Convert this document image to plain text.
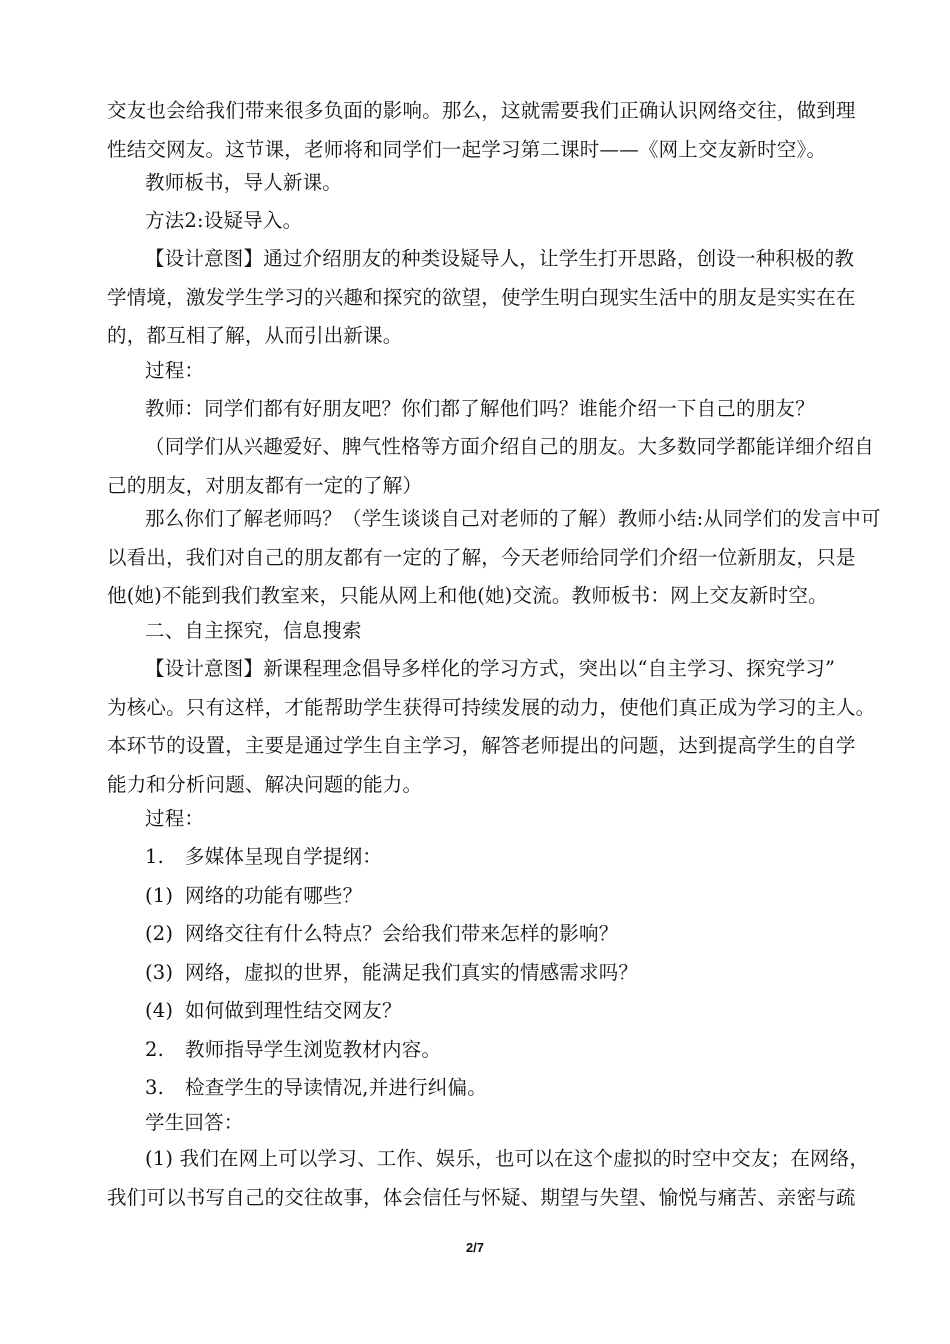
交友也会给我们带来很多负面的影响。那么，这就需要我们正确认识网络交往，做到理
性结交网友。这节课，老师将和同学们一起学习第二课时——《网上交友新时空》。

教师板书，导人新课。

方法2:设疑导入。

【设计意图】通过介绍朋友的种类设疑导人，让学生打开思路，创设一种积极的教
学情境，激发学生学习的兴趣和探究的欲望，使学生明白现实生活中的朋友是实实在在
的，都互相了解，从而引出新课。

过程：

教师：同学们都有好朋友吧？你们都了解他们吗？谁能介绍一下自己的朋友？

（同学们从兴趣爱好、脾气性格等方面介绍自己的朋友。大多数同学都能详细介绍自
己的朋友，对朋友都有一定的了解）

那么你们了解老师吗？（学生谈谈自己对老师的了解）教师小结:从同学们的发言中可
以看出，我们对自己的朋友都有一定的了解，今天老师给同学们介绍一位新朋友，只是
他(她)不能到我们教室来，只能从网上和他(她)交流。教师板书：网上交友新时空。

二、自主探究，信息搜索

【设计意图】新课程理念倡导多样化的学习方式，突出以“自主学习、探究学习”
为核心。只有这样，才能帮助学生获得可持续发展的动力，使他们真正成为学习的主人。
本环节的设置，主要是通过学生自主学习，解答老师提出的问题，达到提高学生的自学
能力和分析问题、解决问题的能力。

过程：

1. 多媒体呈现自学提纲：
(1) 网络的功能有哪些？
(2) 网络交往有什么特点？会给我们带来怎样的影响？
(3) 网络，虚拟的世界，能满足我们真实的情感需求吗？
(4) 如何做到理性结交网友？
2. 教师指导学生浏览教材内容。
3. 检查学生的导读情况,并进行纠偏。

学生回答：

(1) 我们在网上可以学习、工作、娱乐，也可以在这个虚拟的时空中交友；在网络，
我们可以书写自己的交往故事，体会信任与怀疑、期望与失望、愉悦与痛苦、亲密与疏

2/7
